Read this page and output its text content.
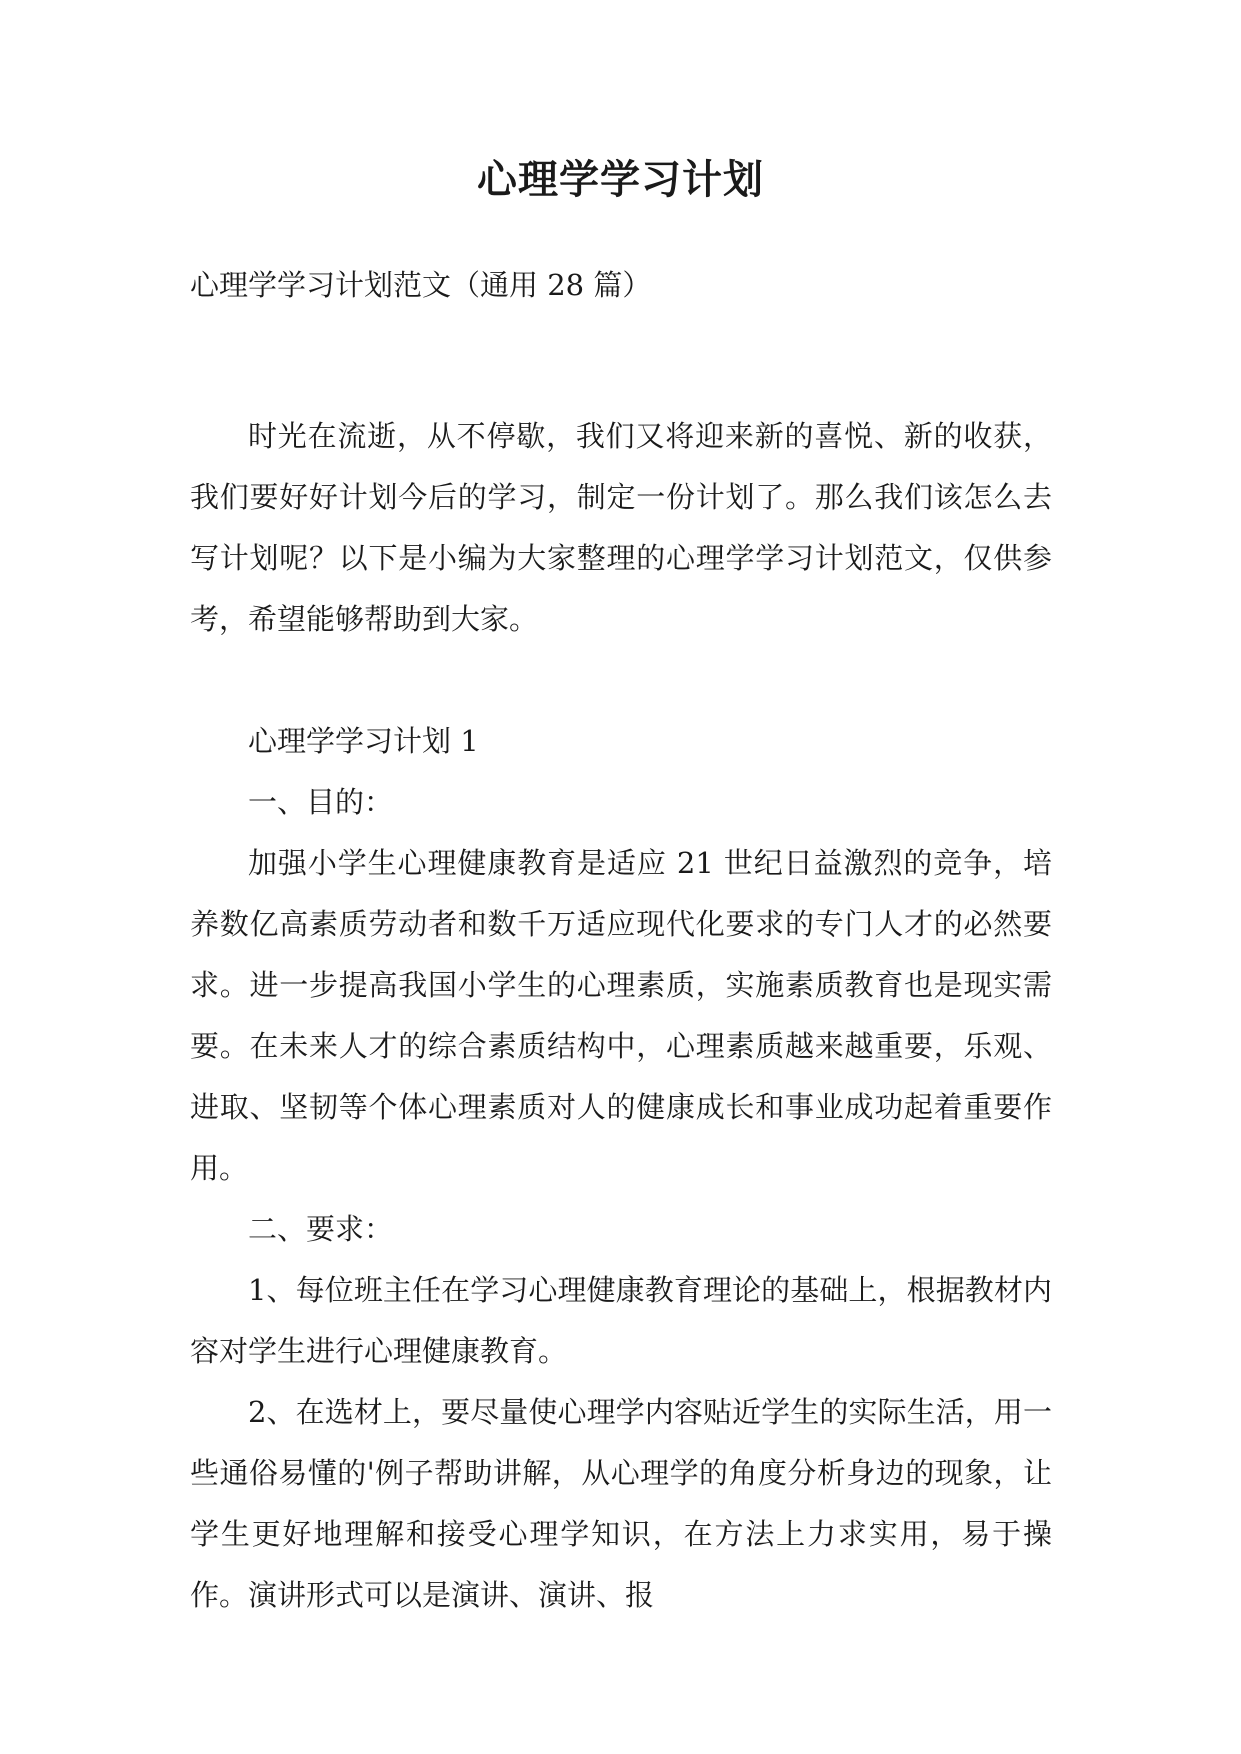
心理学学习计划

心理学学习计划范文（通用 28 篇）

时光在流逝，从不停歇，我们又将迎来新的喜悦、新的收获，我们要好好计划今后的学习，制定一份计划了。那么我们该怎么去写计划呢？以下是小编为大家整理的心理学学习计划范文，仅供参考，希望能够帮助到大家。

心理学学习计划 1

一、目的：

加强小学生心理健康教育是适应 21 世纪日益激烈的竞争，培养数亿高素质劳动者和数千万适应现代化要求的专门人才的必然要求。进一步提高我国小学生的心理素质，实施素质教育也是现实需要。在未来人才的综合素质结构中，心理素质越来越重要，乐观、进取、坚韧等个体心理素质对人的健康成长和事业成功起着重要作用。

二、要求：

1、每位班主任在学习心理健康教育理论的基础上，根据教材内容对学生进行心理健康教育。

2、在选材上，要尽量使心理学内容贴近学生的实际生活，用一些通俗易懂的'例子帮助讲解，从心理学的角度分析身边的现象，让学生更好地理解和接受心理学知识，在方法上力求实用，易于操作。演讲形式可以是演讲、演讲、报
